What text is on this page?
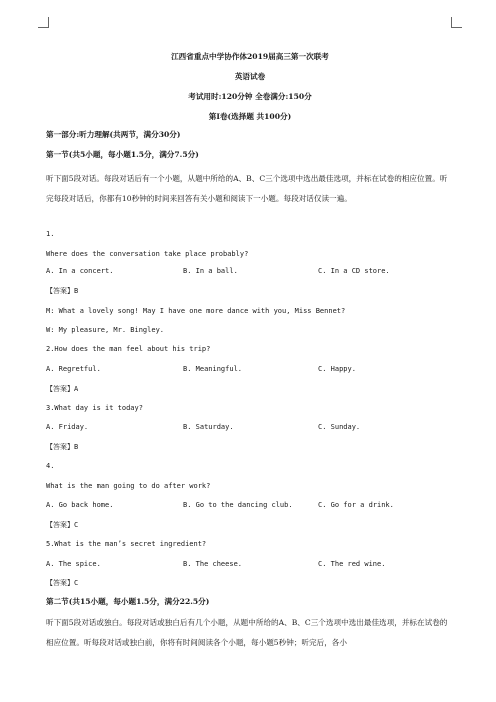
江西省重点中学协作体2019届高三第一次联考
英语试卷
考试用时:120分钟 全卷满分:150分
第I卷(选择题 共100分)
第一部分:听力理解(共两节，满分30分)
第一节(共5小题，每小题1.5分，满分7.5分)
听下面5段对话。每段对话后有一个小题，从题中所给的A、B、C三个选项中选出最佳选项，并标在试卷的相应位置。听完每段对话后，你都有10秒钟的时间来回答有关小题和阅读下一小题。每段对话仅读一遍。
1.
Where does the conversation take place probably?
A. In a concert.	B. In a ball.	C. In a CD store.
【答案】B
M: What a lovely song! May I have one more dance with you, Miss Bennet?
W: My pleasure, Mr. Bingley.
2.How does the man feel about his trip?
A. Regretful.	B. Meaningful.	C. Happy.
【答案】A
3.What day is it today?
A. Friday.	B. Saturday.	C. Sunday.
【答案】B
4.
What is the man going to do after work?
A. Go back home.	B. Go to the dancing club.	C. Go for a drink.
【答案】C
5.What is the man’s secret ingredient?
A. The spice.	B. The cheese.	C. The red wine.
【答案】C
第二节(共15小题，每小题1.5分，满分22.5分)
听下面5段对话或独白。每段对话或独白后有几个小题，从题中所给的A、B、C三个选项中选出最佳选项，并标在试卷的相应位置。听每段对话或独白前，你将有时间阅读各个小题，每小题5秒钟；听完后，各小
